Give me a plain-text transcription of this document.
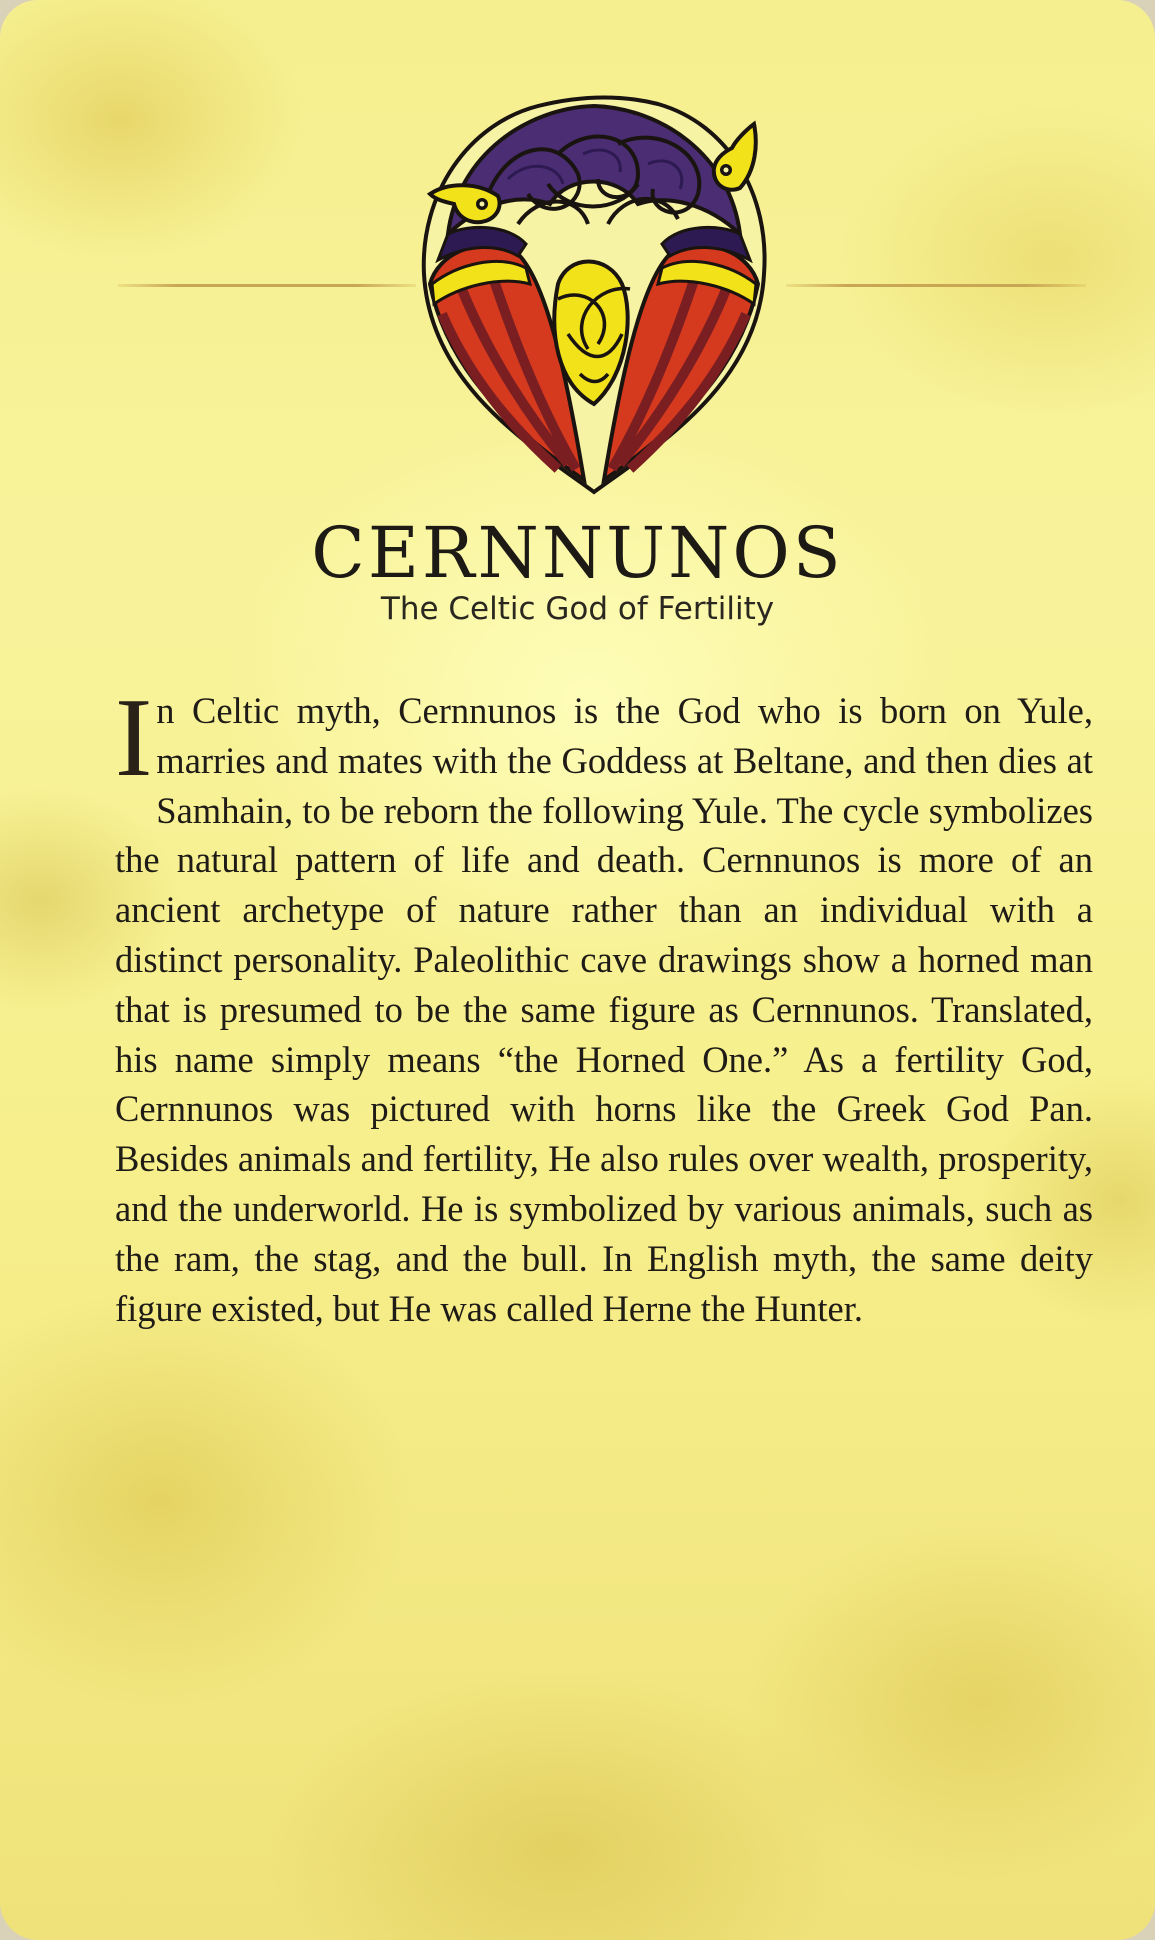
CERNNUNOS
The Celtic God of Fertility
I n Celtic myth, Cernnunos is the God who is born on Yule, marries and mates with the Goddess at Beltane, and then dies at Samhain, to be reborn the following Yule. The cycle symbolizes the natural pattern of life and death. Cernnunos is more of an ancient archetype of nature rather than an individual with a distinct personality. Paleolithic cave drawings show a horned man that is presumed to be the same figure as Cernnunos. Translated, his name simply means “the Horned One.” As a fertility God, Cernnunos was pictured with horns like the Greek God Pan. Besides animals and fertility, He also rules over wealth, prosperity, and the underworld. He is symbolized by various animals, such as the ram, the stag, and the bull. In English myth, the same deity figure existed, but He was called Herne the Hunter.
